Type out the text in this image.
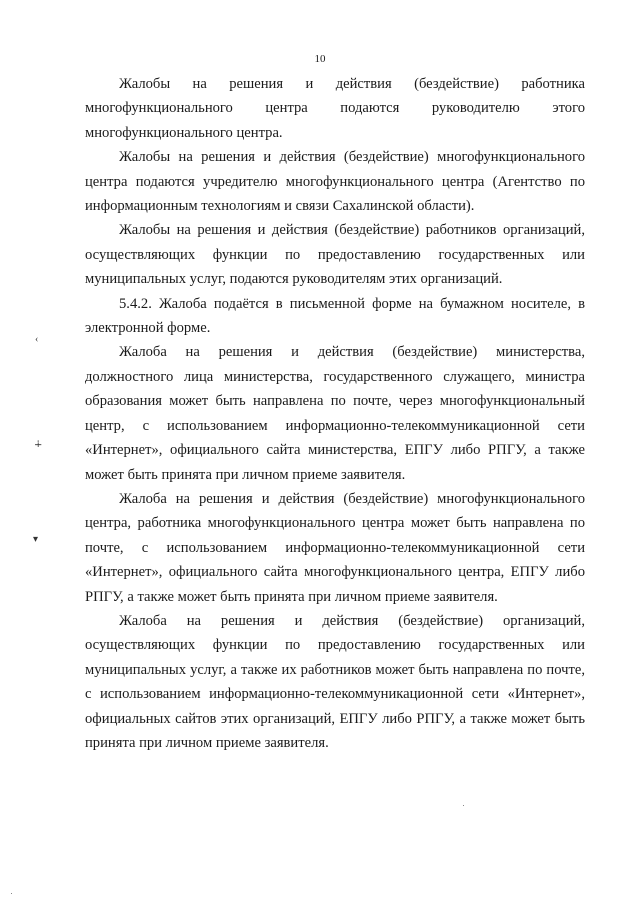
10
‹
∔
▾

Жалобы на решения и действия (бездействие) работника многофункционального центра подаются руководителю этого многофункционального центра.

Жалобы на решения и действия (бездействие) многофункционального центра подаются учредителю многофункционального центра (Агентство по информационным технологиям и связи Сахалинской области).

Жалобы на решения и действия (бездействие) работников организаций, осуществляющих функции по предоставлению государственных или муниципальных услуг, подаются руководителям этих организаций.

5.4.2. Жалоба подаётся в письменной форме на бумажном носителе, в электронной форме.

Жалоба на решения и действия (бездействие) министерства, должностного лица министерства, государственного служащего, министра образования может быть направлена по почте, через многофункциональный центр, с использованием информационно-телекоммуникационной сети «Интернет», официального сайта министерства, ЕПГУ либо РПГУ, а также может быть принята при личном приеме заявителя.

Жалоба на решения и действия (бездействие) многофункционального центра, работника многофункционального центра может быть направлена по почте, с использованием информационно-телекоммуникационной сети «Интернет», официального сайта многофункционального центра, ЕПГУ либо РПГУ, а также может быть принята при личном приеме заявителя.

Жалоба на решения и действия (бездействие) организаций, осуществляющих функции по предоставлению государственных или муниципальных услуг, а также их работников может быть направлена по почте, с использованием информационно-телекоммуникационной сети «Интернет», официальных сайтов этих организаций, ЕПГУ либо РПГУ, а также может быть принята при личном приеме заявителя.
